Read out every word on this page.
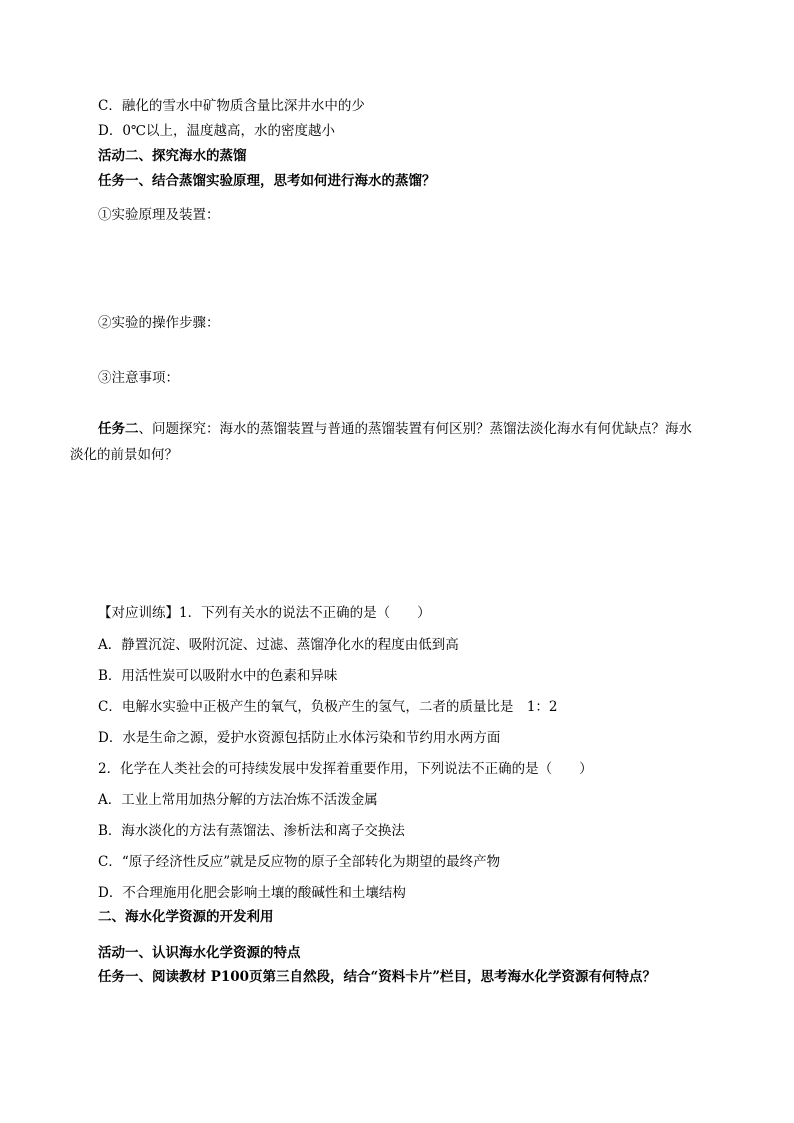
C．融化的雪水中矿物质含量比深井水中的少
D．0℃以上，温度越高，水的密度越小
活动二、探究海水的蒸馏
任务一、结合蒸馏实验原理，思考如何进行海水的蒸馏？
①实验原理及装置：
②实验的操作步骤：
③注意事项：
任务二、问题探究：海水的蒸馏装置与普通的蒸馏装置有何区别？蒸馏法淡化海水有何优缺点？海水
淡化的前景如何？
【对应训练】1．下列有关水的说法不正确的是（　　）
A．静置沉淀、吸附沉淀、过滤、蒸馏净化水的程度由低到高
B．用活性炭可以吸附水中的色素和异味
C．电解水实验中正极产生的氧气，负极产生的氢气，二者的质量比是　1：2
D．水是生命之源，爱护水资源包括防止水体污染和节约用水两方面
2．化学在人类社会的可持续发展中发挥着重要作用，下列说法不正确的是（　　）
A．工业上常用加热分解的方法冶炼不活泼金属
B．海水淡化的方法有蒸馏法、渗析法和离子交换法
C．“原子经济性反应”就是反应物的原子全部转化为期望的最终产物
D．不合理施用化肥会影响土壤的酸碱性和土壤结构
二、海水化学资源的开发利用
活动一、认识海水化学资源的特点
任务一、阅读教材 P100页第三自然段，结合“资料卡片”栏目，思考海水化学资源有何特点？
